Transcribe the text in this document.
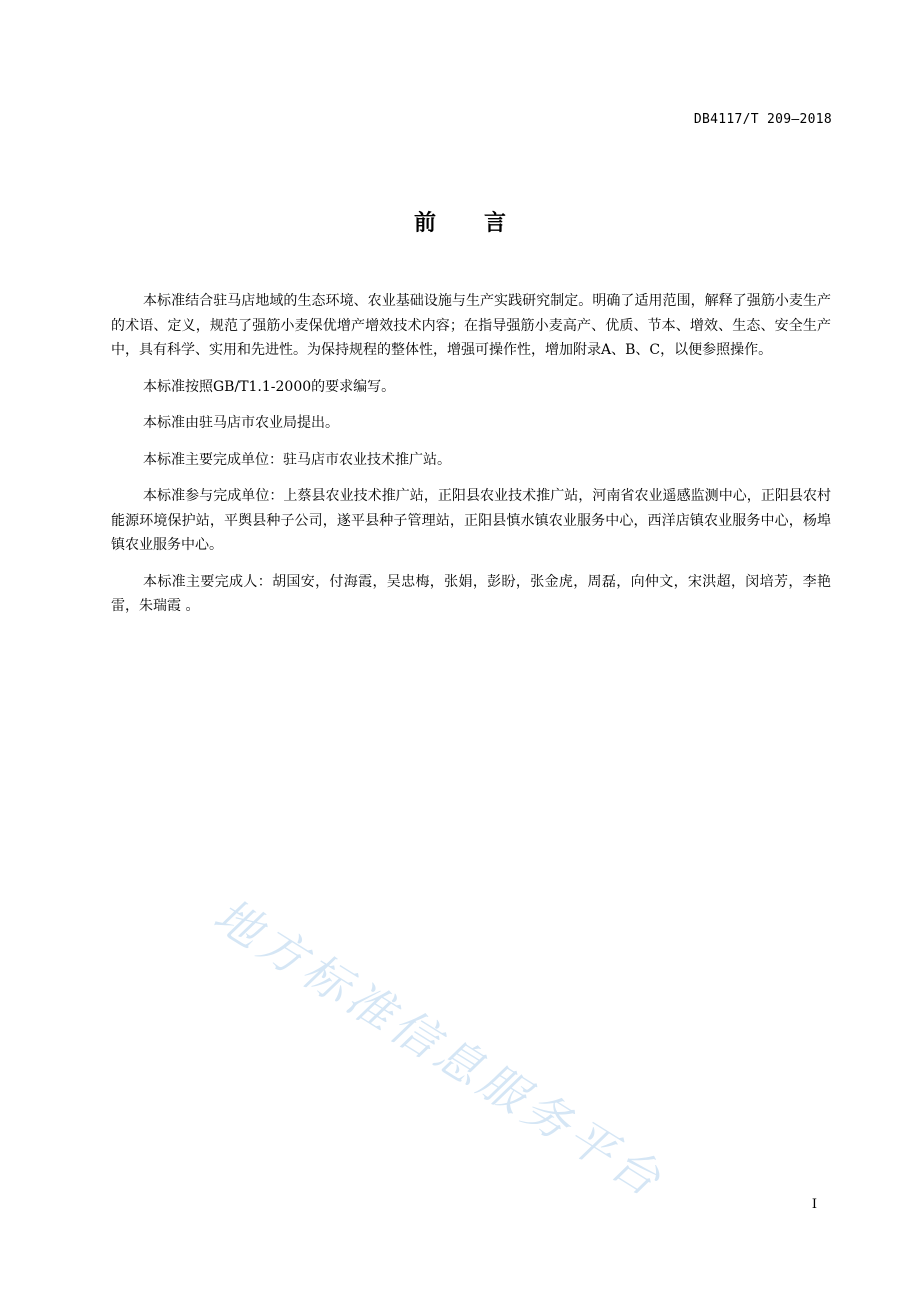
DB4117/T 209—2018
前言

本标准结合驻马店地域的生态环境、农业基础设施与生产实践研究制定。明确了适用范围，解释了强筋小麦生产的术语、定义，规范了强筋小麦保优增产增效技术内容；在指导强筋小麦高产、优质、节本、增效、生态、安全生产中，具有科学、实用和先进性。为保持规程的整体性，增强可操作性，增加附录A、B、C，以便参照操作。

本标准按照GB/T1.1-2000的要求编写。

本标准由驻马店市农业局提出。

本标准主要完成单位：驻马店市农业技术推广站。

本标准参与完成单位：上蔡县农业技术推广站，正阳县农业技术推广站，河南省农业遥感监测中心，正阳县农村能源环境保护站，平舆县种子公司，遂平县种子管理站，正阳县慎水镇农业服务中心，西洋店镇农业服务中心，杨埠镇农业服务中心。

本标准主要完成人：胡国安，付海霞，吴忠梅，张娟，彭盼，张金虎，周磊，向仲文，宋洪超，闵培芳，李艳雷，朱瑞霞 。

地方标准信息服务平台	I
